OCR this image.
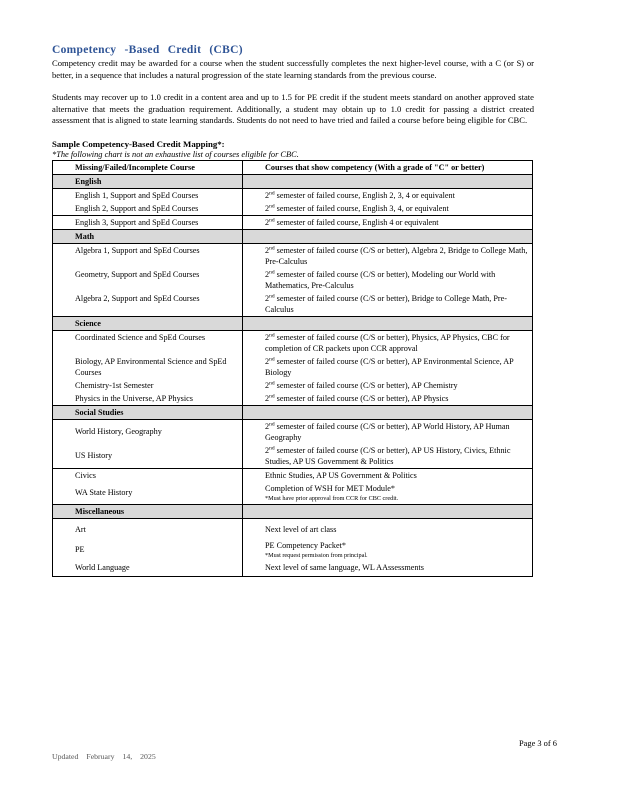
Competency -Based Credit (CBC)

Competency credit may be awarded for a course when the student successfully completes the next higher-level course, with a C (or S) or better, in a sequence that includes a natural progression of the state learning standards from the previous course.

Students may recover up to 1.0 credit in a content area and up to 1.5 for PE credit if the student meets standard on another approved state alternative that meets the graduation requirement. Additionally, a student may obtain up to 1.0 credit for passing a district created assessment that is aligned to state learning standards. Students do not need to have tried and failed a course before being eligible for CBC.

Sample Competency-Based Credit Mapping*:
*The following chart is not an exhaustive list of courses eligible for CBC.
Missing/Failed/Incomplete Course	Courses that show competency (With a grade of "C" or better)
English	
English 1, Support and SpEd Courses	2nd semester of failed course, English 2, 3, 4 or equivalent
English 2, Support and SpEd Courses	2nd semester of failed course, English 3, 4, or equivalent
English 3, Support and SpEd Courses	2nd semester of failed course, English 4 or equivalent
Math	
Algebra 1, Support and SpEd Courses	2nd semester of failed course (C/S or better), Algebra 2, Bridge to College Math, Pre-Calculus
Geometry, Support and SpEd Courses	2nd semester of failed course (C/S or better), Modeling our World with Mathematics, Pre-Calculus
Algebra 2, Support and SpEd Courses	2nd semester of failed course (C/S or better), Bridge to College Math, Pre-Calculus
Science	
Coordinated Science and SpEd Courses	2nd semester of failed course (C/S or better), Physics, AP Physics, CBC for completion of CR packets upon CCR approval
Biology, AP Environmental Science and SpEd Courses	2nd semester of failed course (C/S or better), AP Environmental Science, AP Biology
Chemistry-1st Semester	2nd semester of failed course (C/S or better), AP Chemistry
Physics in the Universe, AP Physics	2nd semester of failed course (C/S or better), AP Physics
Social Studies	
World History, Geography	2nd semester of failed course (C/S or better), AP World History, AP Human Geography
US History	2nd semester of failed course (C/S or better), AP US History, Civics, Ethnic Studies, AP US Government & Politics
Civics	Ethnic Studies, AP US Government & Politics
WA State History	Completion of WSH for MET Module*
*Must have prior approval from CCR for CBC credit.

Miscellaneous	
Art	Next level of art class
PE	PE Competency Packet*
*Must request permission from principal.

World Language	Next level of same language, WL AAssessments
Updated February 14, 2025
Page 3 of 6
